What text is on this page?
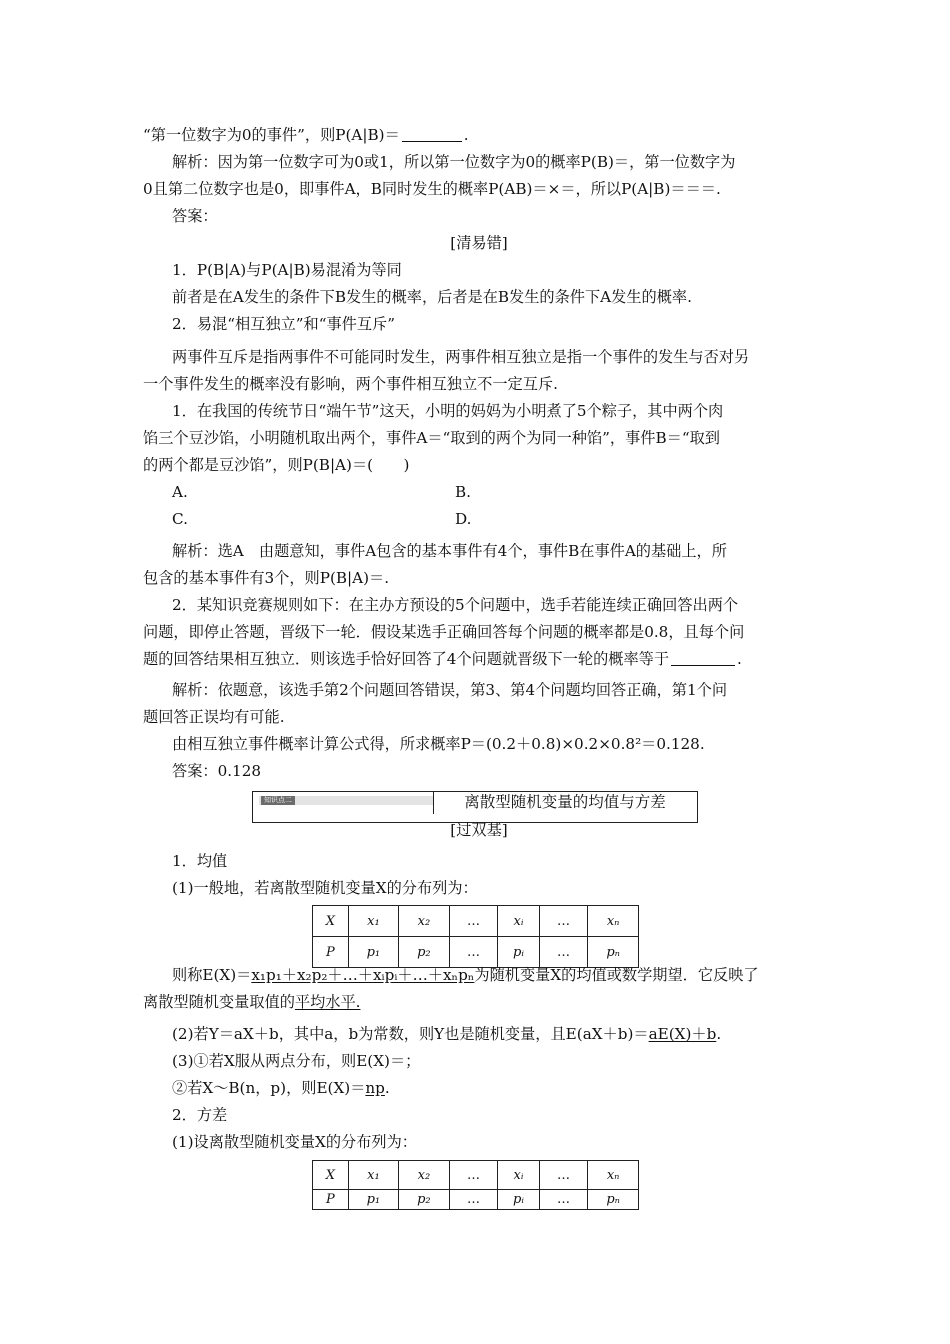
“第一位数字为0的事件”，则P(A|B)＝	.
解析：因为第一位数字可为0或1，所以第一位数字为0的概率P(B)＝，第一位数字为
0且第二位数字也是0，即事件A，B同时发生的概率P(AB)＝×＝，所以P(A|B)＝＝＝.
答案：
[清易错]
1．P(B|A)与P(A|B)易混淆为等同
前者是在A发生的条件下B发生的概率，后者是在B发生的条件下A发生的概率.
2．易混“相互独立”和“事件互斥”
两事件互斥是指两事件不可能同时发生，两事件相互独立是指一个事件的发生与否对另
一个事件发生的概率没有影响，两个事件相互独立不一定互斥.
1．在我国的传统节日“端午节”这天，小明的妈妈为小明煮了5个粽子，其中两个肉
馅三个豆沙馅，小明随机取出两个，事件A＝“取到的两个为同一种馅”，事件B＝“取到
的两个都是豆沙馅”，则P(B|A)＝(　　)
A.	B.
C.	D.
解析：选A　由题意知，事件A包含的基本事件有4个，事件B在事件A的基础上，所
包含的基本事件有3个，则P(B|A)＝.
2．某知识竞赛规则如下：在主办方预设的5个问题中，选手若能连续正确回答出两个
问题，即停止答题，晋级下一轮．假设某选手正确回答每个问题的概率都是0.8，且每个问
题的回答结果相互独立．则该选手恰好回答了4个问题就晋级下一轮的概率等于	.
解析：依题意，该选手第2个问题回答错误，第3、第4个问题均回答正确，第1个问
题回答正误均有可能.
由相互独立事件概率计算公式得，所求概率P＝(0.2＋0.8)×0.2×0.8²＝0.128.
答案：0.128
知识点二	离散型随机变量的均值与方差
[过双基]
1．均值
(1)一般地，若离散型随机变量X的分布列为：
X	x₁	x₂	…	xᵢ	…	xₙ
P	p₁	p₂	…	pᵢ	…	pₙ
则称E(X)＝x₁p₁＋x₂p₂＋…＋xᵢpᵢ＋…＋xₙpₙ为随机变量X的均值或数学期望．它反映了
离散型随机变量取值的平均水平.
(2)若Y＝aX＋b，其中a，b为常数，则Y也是随机变量，且E(aX＋b)＝aE(X)＋b.
(3)①若X服从两点分布，则E(X)＝；
②若X～B(n，p)，则E(X)＝np.
2．方差
(1)设离散型随机变量X的分布列为：
X	x₁	x₂	…	xᵢ	…	xₙ
P	p₁	p₂	…	pᵢ	…	pₙ
